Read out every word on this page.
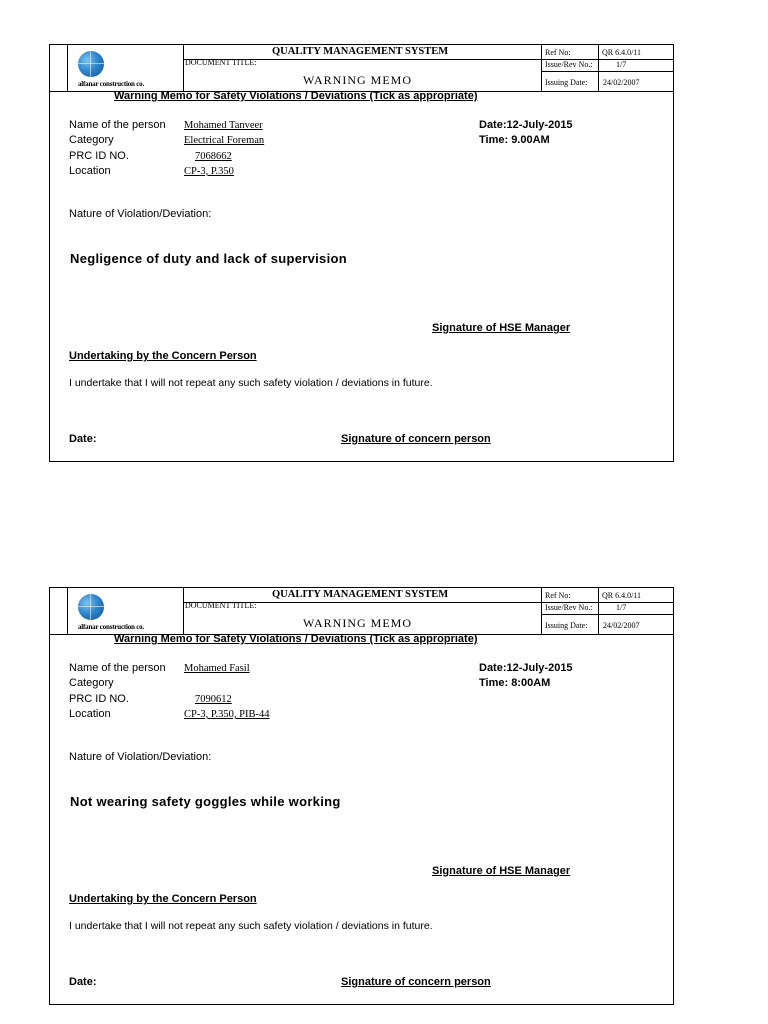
alfanar construction co.
QUALITY MANAGEMENT SYSTEM
DOCUMENT TITLE:
WARNING MEMO
Ref No:	QR 6.4.0/11
Issue/Rev No.:	1/7
Issuing Date: 24/02/2007
Warning Memo for Safety Violations / Deviations (Tick as appropriate)
Name of the person Mohamed Tanveer
Category	Electrical Foreman
PRC ID NO.	7068662
Location	CP-3, P.350
Date:12-July-2015
Time: 9.00AM
Nature of Violation/Deviation:
Negligence of duty and lack of supervision
Signature of HSE Manager
Undertaking by the Concern Person
I undertake that I will not repeat any such safety violation / deviations in future.
Date:	Signature of concern person
alfanar construction co.
QUALITY MANAGEMENT SYSTEM
DOCUMENT TITLE:
WARNING MEMO
Ref No:	QR 6.4.0/11
Issue/Rev No.:	1/7
Issuing Date: 24/02/2007
Warning Memo for Safety Violations / Deviations (Tick as appropriate)
Name of the person Mohamed Fasil
Category
PRC ID NO.	7090612
Location	CP-3, P.350, PIB-44
Date:12-July-2015
Time: 8:00AM
Nature of Violation/Deviation:
Not wearing safety goggles while working
Signature of HSE Manager
Undertaking by the Concern Person
I undertake that I will not repeat any such safety violation / deviations in future.
Date:	Signature of concern person
